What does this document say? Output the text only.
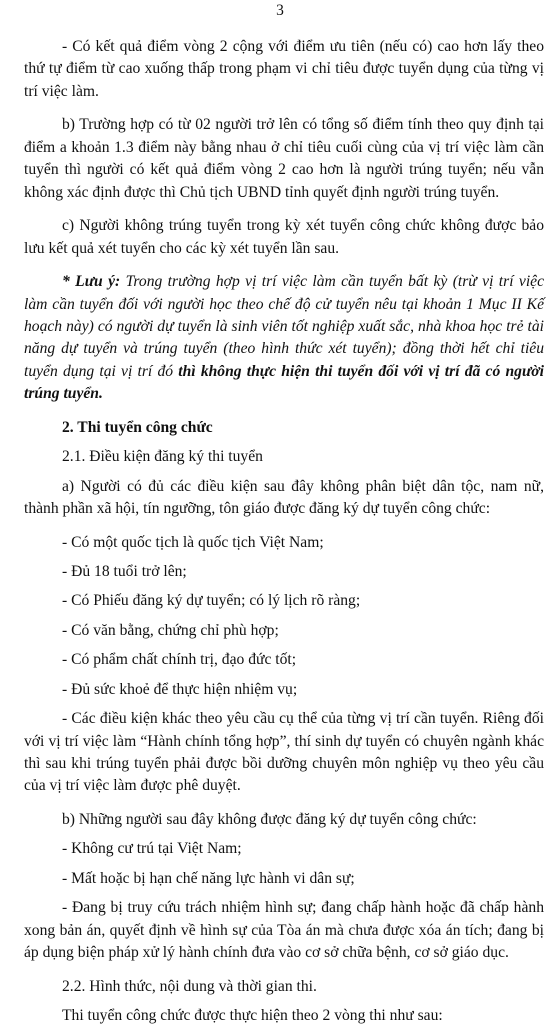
3

- Có kết quả điểm vòng 2 cộng với điểm ưu tiên (nếu có) cao hơn lấy theo thứ tự điểm từ cao xuống thấp trong phạm vi chỉ tiêu được tuyển dụng của từng vị trí việc làm.

b) Trường hợp có từ 02 người trở lên có tổng số điểm tính theo quy định tại điểm a khoản 1.3 điểm này bằng nhau ở chỉ tiêu cuối cùng của vị trí việc làm cần tuyển thì người có kết quả điểm vòng 2 cao hơn là người trúng tuyển; nếu vẫn không xác định được thì Chủ tịch UBND tỉnh quyết định người trúng tuyển.

c) Người không trúng tuyển trong kỳ xét tuyển công chức không được bảo lưu kết quả xét tuyển cho các kỳ xét tuyển lần sau.

* Lưu ý: Trong trường hợp vị trí việc làm cần tuyển bất kỳ (trừ vị trí việc làm cần tuyển đối với người học theo chế độ cử tuyển nêu tại khoản 1 Mục II Kế hoạch này) có người dự tuyển là sinh viên tốt nghiệp xuất sắc, nhà khoa học trẻ tài năng dự tuyển và trúng tuyển (theo hình thức xét tuyển); đồng thời hết chỉ tiêu tuyển dụng tại vị trí đó thì không thực hiện thi tuyển đối với vị trí đã có người trúng tuyển.

2. Thi tuyển công chức

2.1. Điều kiện đăng ký thi tuyển

a) Người có đủ các điều kiện sau đây không phân biệt dân tộc, nam nữ, thành phần xã hội, tín ngưỡng, tôn giáo được đăng ký dự tuyển công chức:

- Có một quốc tịch là quốc tịch Việt Nam;

- Đủ 18 tuổi trở lên;

- Có Phiếu đăng ký dự tuyển; có lý lịch rõ ràng;

- Có văn bằng, chứng chỉ phù hợp;

- Có phẩm chất chính trị, đạo đức tốt;

- Đủ sức khoẻ để thực hiện nhiệm vụ;

- Các điều kiện khác theo yêu cầu cụ thể của từng vị trí cần tuyển. Riêng đối với vị trí việc làm “Hành chính tổng hợp”, thí sinh dự tuyển có chuyên ngành khác thì sau khi trúng tuyển phải được bồi dưỡng chuyên môn nghiệp vụ theo yêu cầu của vị trí việc làm được phê duyệt.

b) Những người sau đây không được đăng ký dự tuyển công chức:

- Không cư trú tại Việt Nam;

- Mất hoặc bị hạn chế năng lực hành vi dân sự;

- Đang bị truy cứu trách nhiệm hình sự; đang chấp hành hoặc đã chấp hành xong bản án, quyết định về hình sự của Tòa án mà chưa được xóa án tích; đang bị áp dụng biện pháp xử lý hành chính đưa vào cơ sở chữa bệnh, cơ sở giáo dục.

2.2. Hình thức, nội dung và thời gian thi.

Thi tuyển công chức được thực hiện theo 2 vòng thi như sau:
